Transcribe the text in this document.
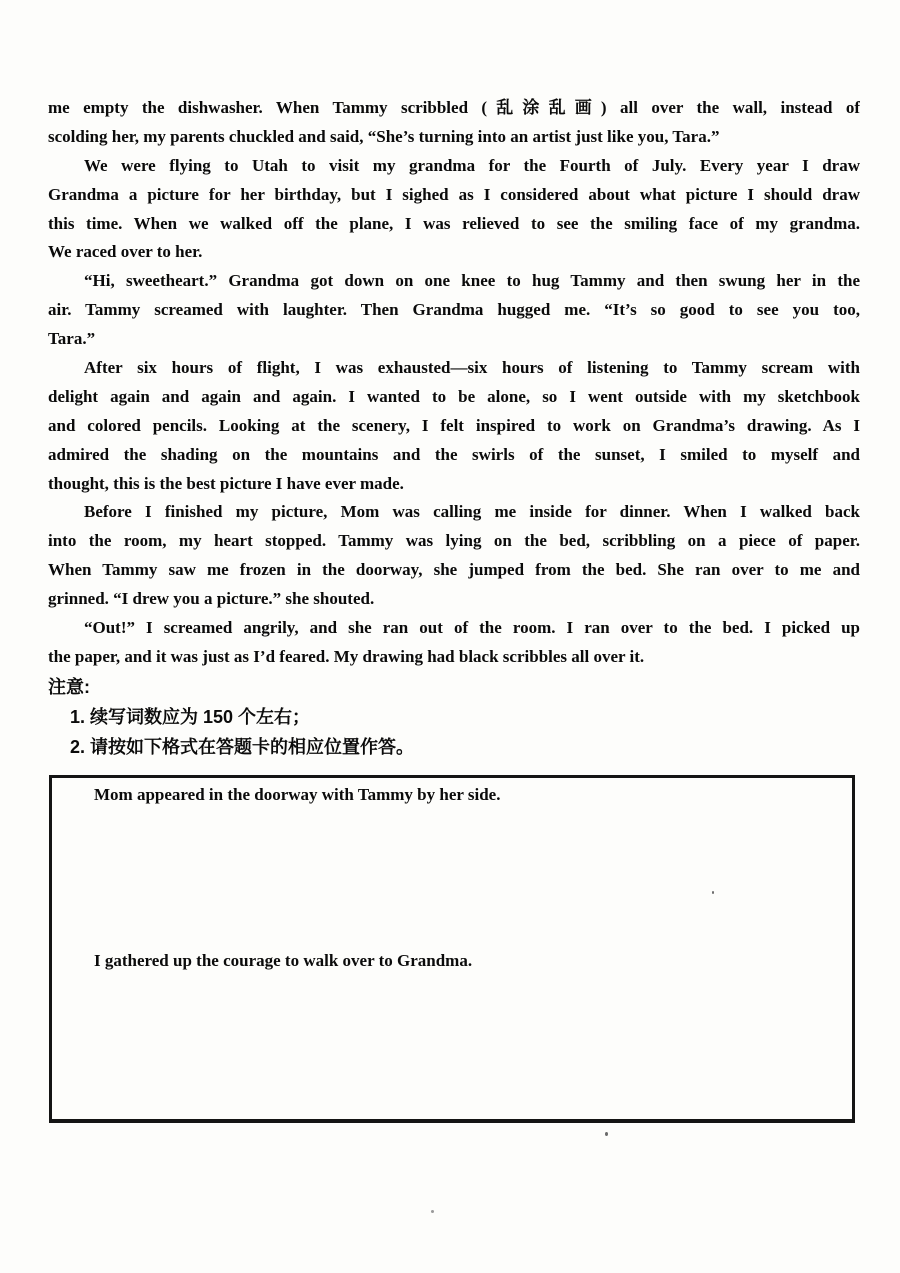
me empty the dishwasher. When Tammy scribbled (乱涂乱画) all over the wall, instead of
scolding her, my parents chuckled and said, “She’s turning into an artist just like you, Tara.”
We were flying to Utah to visit my grandma for the Fourth of July. Every year I draw
Grandma a picture for her birthday, but I sighed as I considered about what picture I should draw
this time. When we walked off the plane, I was relieved to see the smiling face of my grandma.
We raced over to her.
“Hi, sweetheart.” Grandma got down on one knee to hug Tammy and then swung her in the
air. Tammy screamed with laughter. Then Grandma hugged me. “It’s so good to see you too,
Tara.”
After six hours of flight, I was exhausted—six hours of listening to Tammy scream with
delight again and again and again. I wanted to be alone, so I went outside with my sketchbook
and colored pencils. Looking at the scenery, I felt inspired to work on Grandma’s drawing. As I
admired the shading on the mountains and the swirls of the sunset, I smiled to myself and
thought, this is the best picture I have ever made.
Before I finished my picture, Mom was calling me inside for dinner. When I walked back
into the room, my heart stopped. Tammy was lying on the bed, scribbling on a piece of paper.
When Tammy saw me frozen in the doorway, she jumped from the bed. She ran over to me and
grinned. “I drew you a picture.” she shouted.
“Out!” I screamed angrily, and she ran out of the room. I ran over to the bed. I picked up
the paper, and it was just as I’d feared. My drawing had black scribbles all over it.
注意:
1. 续写词数应为 150 个左右；
2. 请按如下格式在答题卡的相应位置作答。
Mom appeared in the doorway with Tammy by her side.
I gathered up the courage to walk over to Grandma.
